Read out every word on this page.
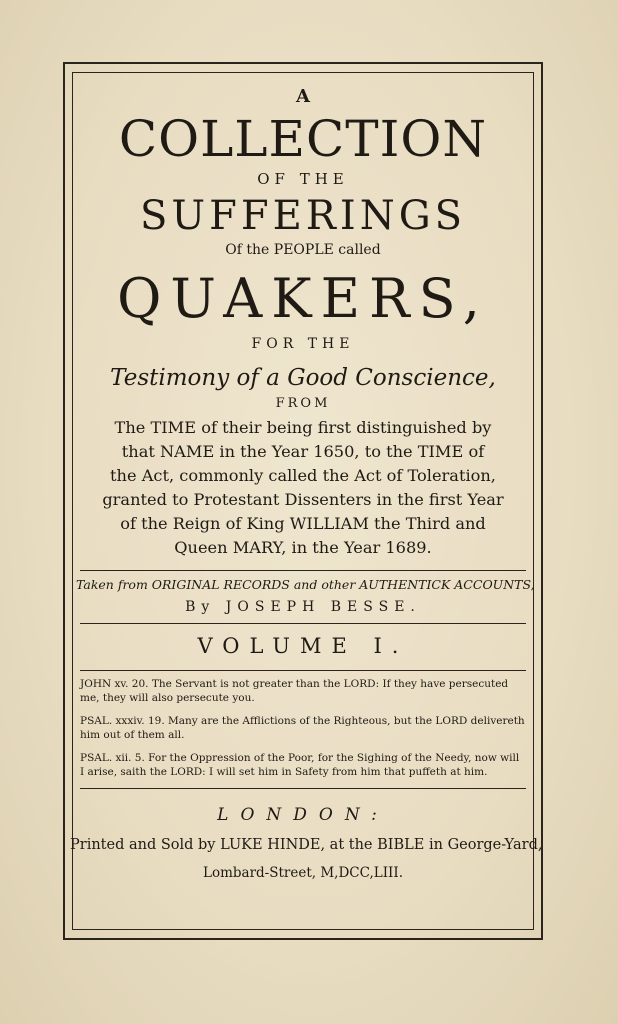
A
COLLECTION
OF THE
SUFFERINGS
Of the PEOPLE called
QUAKERS,
FOR THE
Testimony of a Good Conscience,
FROM
The TIME of their being first distinguished by
that NAME in the Year 1650, to the TIME of
the Act, commonly called the Act of Toleration,
granted to Protestant Dissenters in the first Year
of the Reign of King WILLIAM the Third and
Queen MARY, in the Year 1689.
Taken from ORIGINAL RECORDS and other AUTHENTICK ACCOUNTS,
By JOSEPH BESSE.
VOLUME I.
JOHN xv. 20. The Servant is not greater than the LORD: If they have persecuted me, they will also persecute you.
PSAL. xxxiv. 19. Many are the Afflictions of the Righteous, but the LORD delivereth him out of them all.
PSAL. xii. 5. For the Oppression of the Poor, for the Sighing of the Needy, now will I arise, saith the LORD: I will set him in Safety from him that puffeth at him.
LONDON:
Printed and Sold by LUKE HINDE, at the BIBLE in George-Yard,
Lombard-Street, M,DCC,LIII.
